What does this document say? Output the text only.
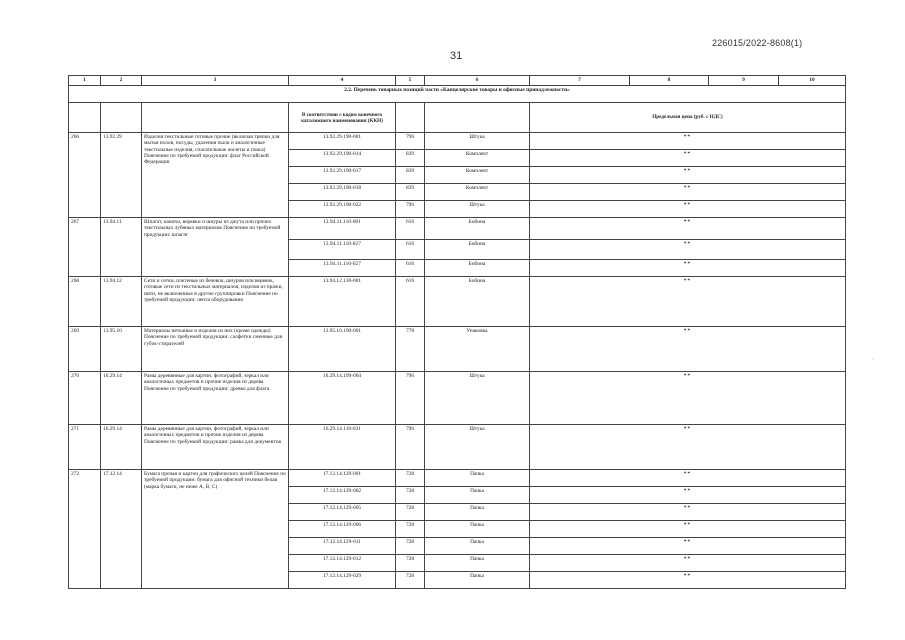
226015/2022-8608(1)
31
·
1	2	3	4	5	6	7	8	9	10
2.2. Перечень товарных позиций части «Канцелярские товары и офисные принадлежности»									
			В соответствии с кодом конечного каталожного наименования (ККН)			Предельная цена (руб. с НДС)			
266	13.92.29	Изделия текстильные готовые прочие (включая тряпки для мытья полов, посуды, удаления пыли и аналогичные текстильные изделия, спасательные жилеты и пояса) Пояснение по требуемой продукции: флаг Российской Федерации	13.92.29.190-001	796	Штука	**			
			13.92.29.190-014	839	Комплект	**			
			13.92.29.190-017	839	Комплект	**			
			13.92.29.190-018	839	Комплект	**			
			13.92.29.190-022	796	Штука	**			
267	13.94.11	Шпагат, канаты, веревки и шнуры из джута или прочих текстильных лубяных материалов Пояснение по требуемой продукции: шпагат	13.94.11.110-001	616	Бобина	**			
			13.94.11.110-027	616	Бобина	**			
			13.94.11.110-027	616	Бобина	**			
268	13.94.12	Сети и сетки, плетеные из бечевок, шнуров или веревок, готовые сети из текстильных материалов, изделия из пряжи, нити, не включенные в другие группировки Пояснение по требуемой продукции: лента оборудования	13.94.12.130-001	616	Бобина	**			
269	13.95.10	Материалы нетканые и изделия из них (кроме одежды) Пояснение по требуемой продукции: салфетки сменные для губок-стирателей	13.95.10.190-001	778	Упаковка	**			
270	16.29.14	Рамы деревянные для картин, фотографий, зеркал или аналогичных предметов и прочие изделия из дерева Пояснение по требуемой продукции: древко для флага	16.29.14.199-004	796	Штука	**			
271	16.29.14	Рамы деревянные для картин, фотографий, зеркал или аналогичных предметов и прочие изделия из дерева Пояснение по требуемой продукции: рамка для документов	16.29.14.110-031	796	Штука	**			
272	17.12.14	Бумага прочая и картон для графических целей Пояснение по требуемой продукции: бумага для офисной техники белая (марка бумаги, не ниже А, В, С)	17.12.14.129-001	728	Пачка	**			
			17.12.14.129-002	728	Пачка	**			
			17.12.14.129-005	728	Пачка	**			
			17.12.14.129-006	728	Пачка	**			
			17.12.14.129-011	728	Пачка	**			
			17.12.14.129-012	728	Пачка	**			
			17.12.14.129-029	728	Пачка	**			
